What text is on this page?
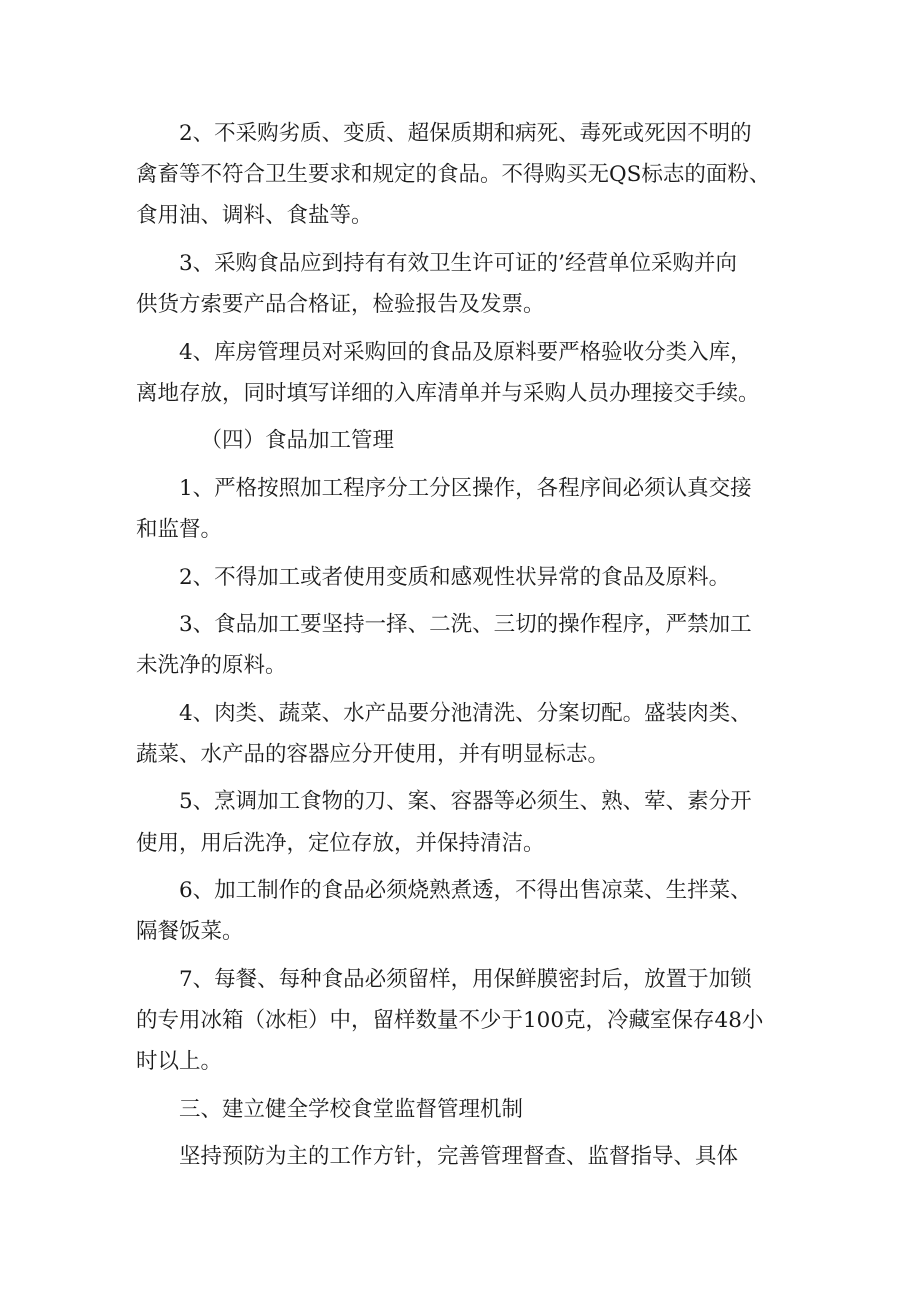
2、不采购劣质、变质、超保质期和病死、毒死或死因不明的
禽畜等不符合卫生要求和规定的食品。不得购买无QS标志的面粉、
食用油、调料、食盐等。
3、采购食品应到持有有效卫生许可证的’经营单位采购并向
供货方索要产品合格证，检验报告及发票。
4、库房管理员对采购回的食品及原料要严格验收分类入库，
离地存放，同时填写详细的入库清单并与采购人员办理接交手续。
（四）食品加工管理
1、严格按照加工程序分工分区操作，各程序间必须认真交接
和监督。
2、不得加工或者使用变质和感观性状异常的食品及原料。
3、食品加工要坚持一择、二洗、三切的操作程序，严禁加工
未洗净的原料。
4、肉类、蔬菜、水产品要分池清洗、分案切配。盛装肉类、
蔬菜、水产品的容器应分开使用，并有明显标志。
5、烹调加工食物的刀、案、容器等必须生、熟、荤、素分开
使用，用后洗净，定位存放，并保持清洁。
6、加工制作的食品必须烧熟煮透，不得出售凉菜、生拌菜、
隔餐饭菜。
7、每餐、每种食品必须留样，用保鲜膜密封后，放置于加锁
的专用冰箱（冰柜）中，留样数量不少于100克，冷藏室保存48小
时以上。
三、建立健全学校食堂监督管理机制
坚持预防为主的工作方针，完善管理督查、监督指导、具体
